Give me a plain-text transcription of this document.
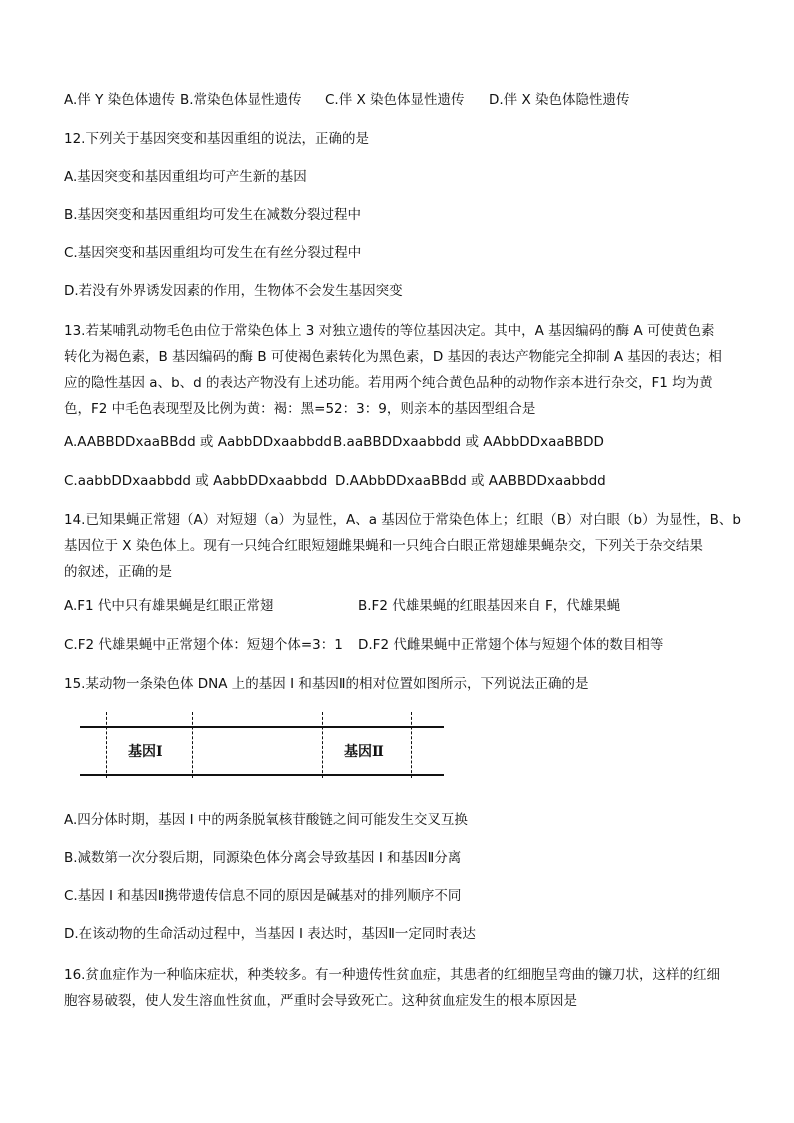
A.伴 Y 染色体遗传 B.常染色体显性遗传 C.伴 X 染色体显性遗传 D.伴 X 染色体隐性遗传
12.下列关于基因突变和基因重组的说法，正确的是
A.基因突变和基因重组均可产生新的基因
B.基因突变和基因重组均可发生在减数分裂过程中
C.基因突变和基因重组均可发生在有丝分裂过程中
D.若没有外界诱发因素的作用，生物体不会发生基因突变
13.若某哺乳动物毛色由位于常染色体上 3 对独立遗传的等位基因决定。其中，A 基因编码的酶 A 可使黄色素
转化为褐色素，B 基因编码的酶 B 可使褐色素转化为黑色素，D 基因的表达产物能完全抑制 A 基因的表达；相
应的隐性基因 a、b、d 的表达产物没有上述功能。若用两个纯合黄色品种的动物作亲本进行杂交，F1 均为黄
色，F2 中毛色表现型及比例为黄：褐：黑=52：3：9，则亲本的基因型组合是
A.AABBDDxaaBBdd 或 AabbDDxaabbdd B.aaBBDDxaabbdd 或 AAbbDDxaaBBDD
C.aabbDDxaabbdd 或 AabbDDxaabbdd D.AAbbDDxaaBBdd 或 AABBDDxaabbdd
14.已知果蝇正常翅（A）对短翅（a）为显性，A、a 基因位于常染色体上；红眼（B）对白眼（b）为显性，B、b
基因位于 X 染色体上。现有一只纯合红眼短翅雌果蝇和一只纯合白眼正常翅雄果蝇杂交，下列关于杂交结果
的叙述，正确的是
A.F1 代中只有雄果蝇是红眼正常翅	B.F2 代雄果蝇的红眼基因来自 F，代雄果蝇
C.F2 代雄果蝇中正常翅个体：短翅个体=3：1 D.F2 代雌果蝇中正常翅个体与短翅个体的数目相等
15.某动物一条染色体 DNA 上的基因 I 和基因Ⅱ的相对位置如图所示，下列说法正确的是
基因Ⅰ	基因Ⅱ
A.四分体时期，基因 I 中的两条脱氧核苷酸链之间可能发生交叉互换
B.减数第一次分裂后期，同源染色体分离会导致基因 I 和基因Ⅱ分离
C.基因 I 和基因Ⅱ携带遗传信息不同的原因是碱基对的排列顺序不同
D.在该动物的生命活动过程中，当基因 I 表达时，基因Ⅱ一定同时表达
16.贫血症作为一种临床症状，种类较多。有一种遗传性贫血症，其患者的红细胞呈弯曲的镰刀状，这样的红细
胞容易破裂，使人发生溶血性贫血，严重时会导致死亡。这种贫血症发生的根本原因是
